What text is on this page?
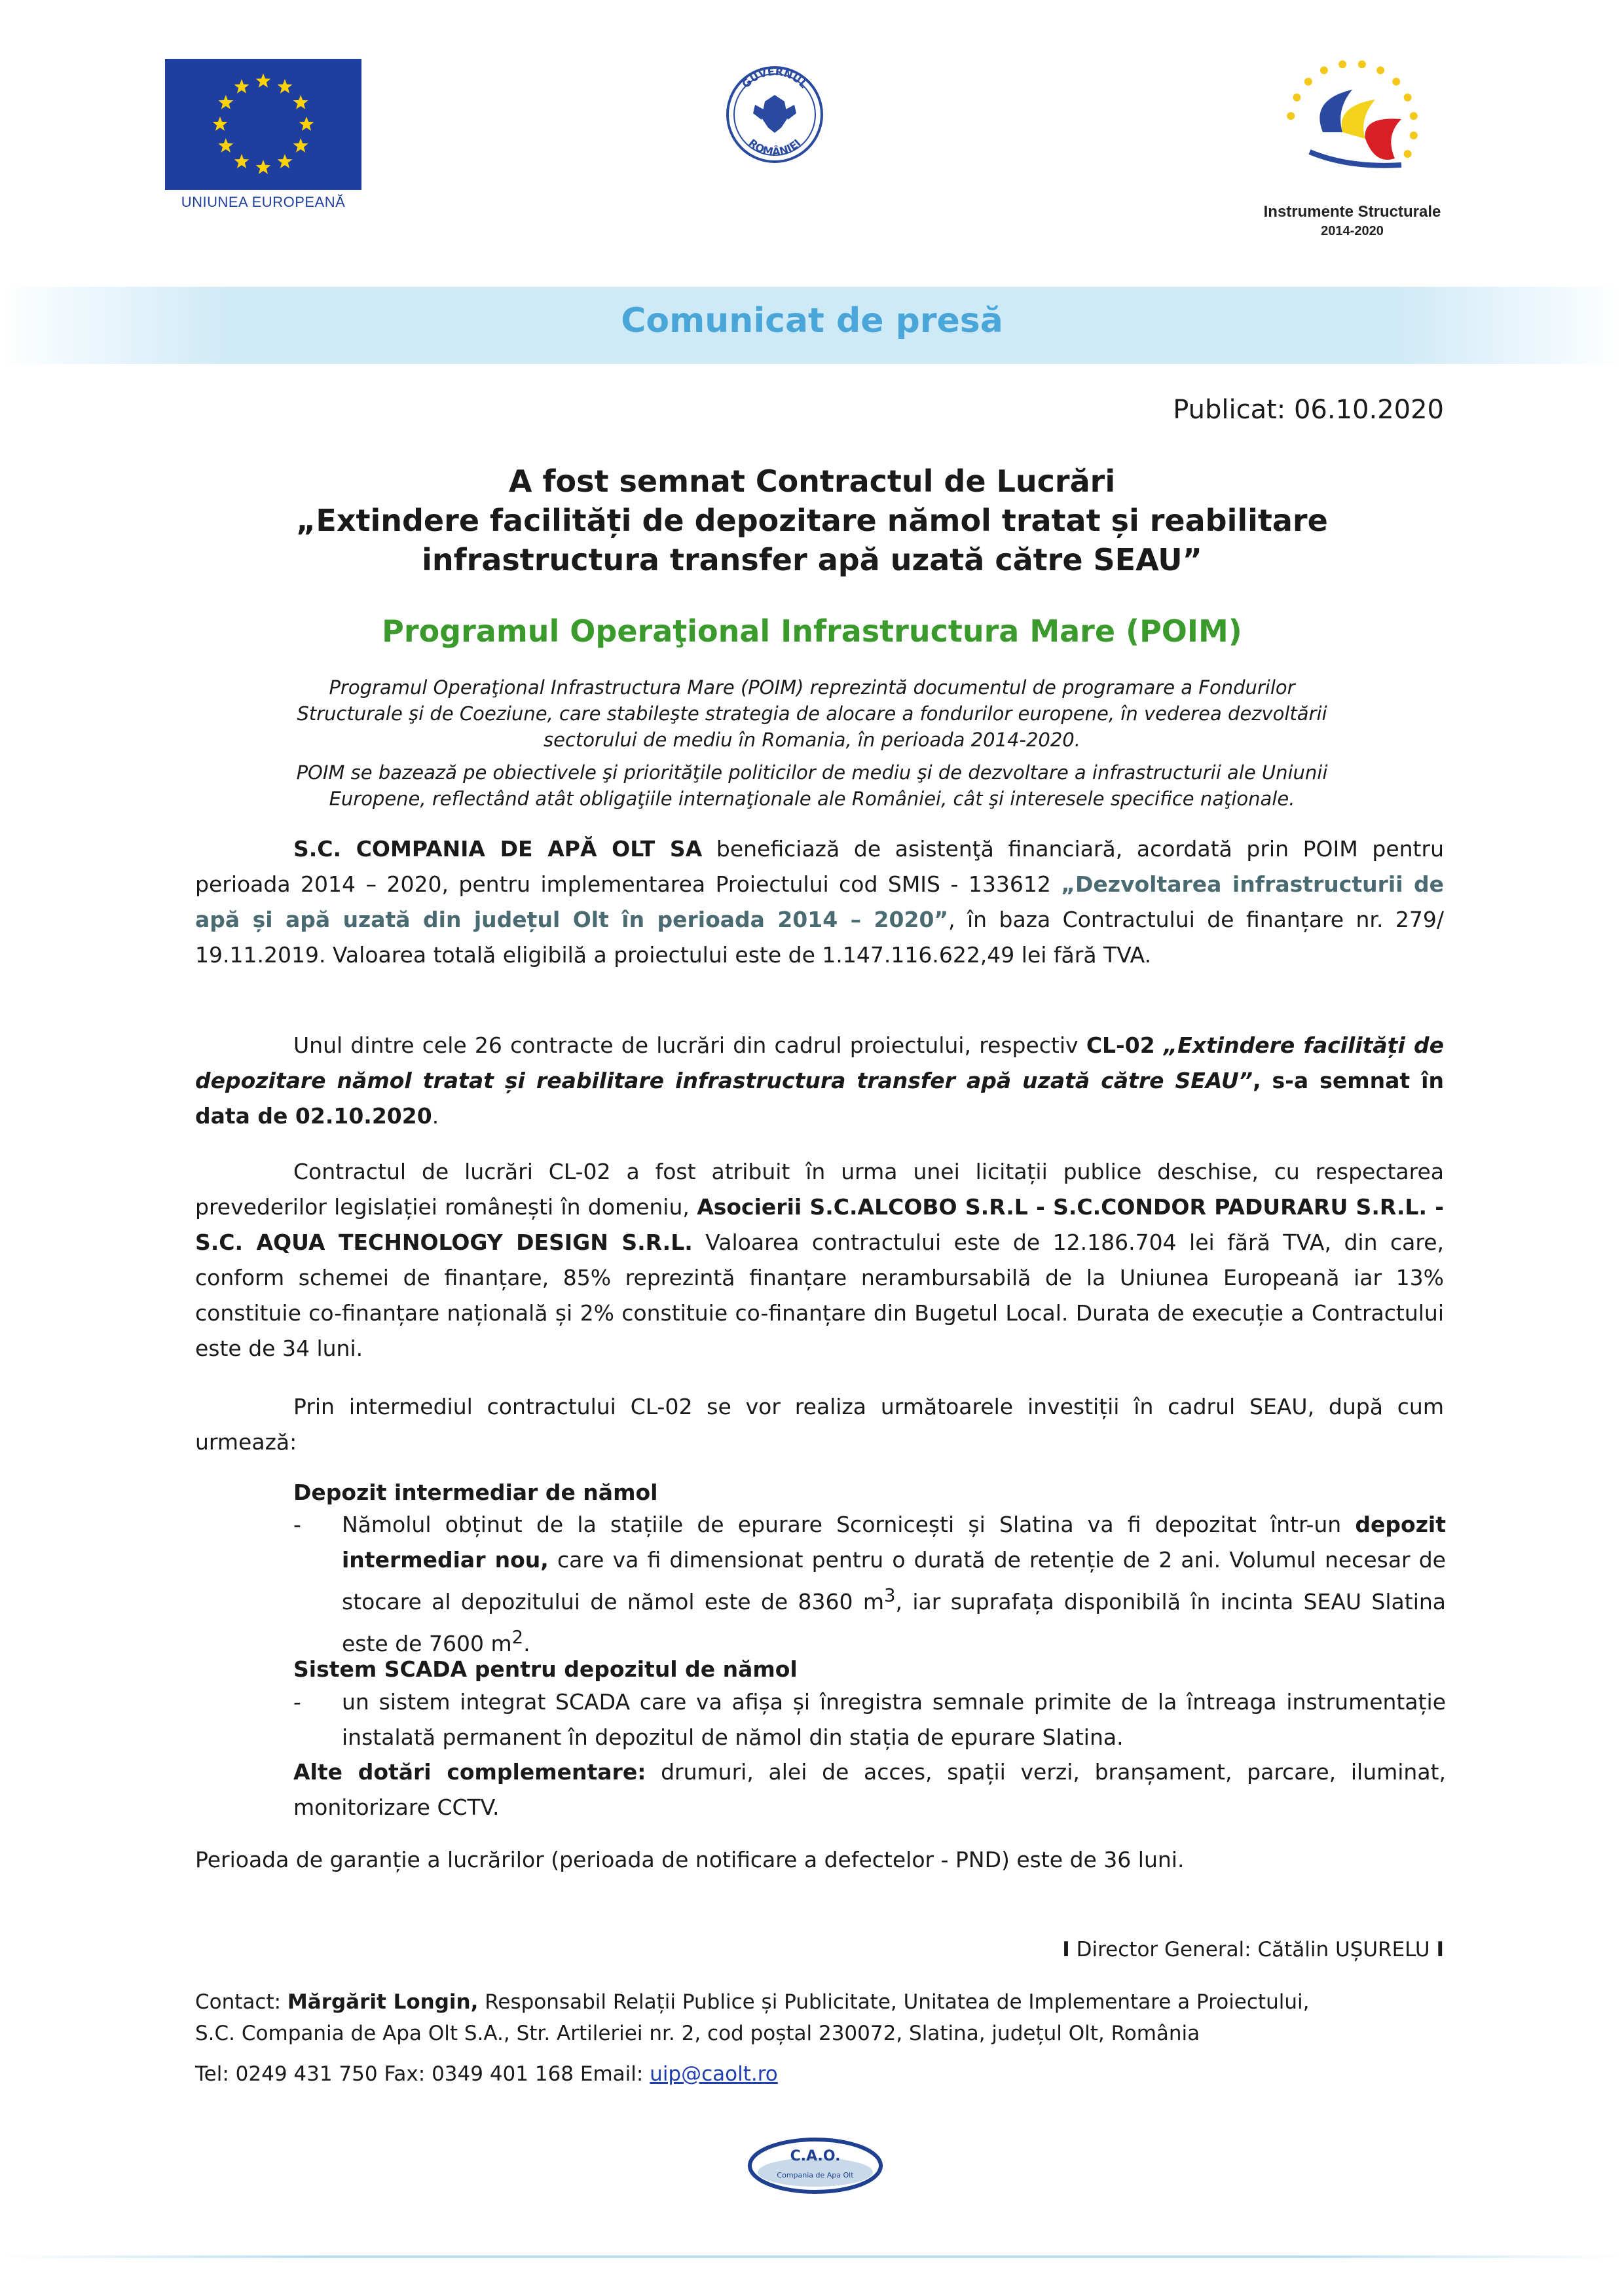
UNIUNEA EUROPEANĂ
GUVERNUL
ROMÂNIEI
Instrumente Structurale
2014-2020
Comunicat de presă
Publicat: 06.10.2020
A fost semnat Contractul de Lucrări
„Extindere facilități de depozitare nămol tratat și reabilitare
infrastructura transfer apă uzată către SEAU”
Programul Operaţional Infrastructura Mare (POIM)
Programul Operaţional Infrastructura Mare (POIM) reprezintă documentul de programare a Fondurilor
Structurale şi de Coeziune, care stabileşte strategia de alocare a fondurilor europene, în vederea dezvoltării
sectorului de mediu în Romania, în perioada 2014-2020.
POIM se bazează pe obiectivele şi priorităţile politicilor de mediu şi de dezvoltare a infrastructurii ale Uniunii
Europene, reflectând atât obligaţiile internaţionale ale României, cât şi interesele specifice naţionale.

S.C. COMPANIA DE APĂ OLT SA beneficiază de asistenţă financiară, acordată prin POIM pentru perioada 2014 – 2020, pentru implementarea Proiectului cod SMIS - 133612 „Dezvoltarea infrastructurii de apă și apă uzată din județul Olt în perioada 2014 – 2020”, în baza Contractului de finanțare nr. 279/ 19.11.2019. Valoarea totală eligibilă a proiectului este de 1.147.116.622,49 lei fără TVA.

Unul dintre cele 26 contracte de lucrări din cadrul proiectului, respectiv CL-02 „Extindere facilități de depozitare nămol tratat și reabilitare infrastructura transfer apă uzată către SEAU”, s-a semnat în data de 02.10.2020.

Contractul de lucrări CL-02 a fost atribuit în urma unei licitații publice deschise, cu respectarea prevederilor legislației românești în domeniu, Asocierii S.C.ALCOBO S.R.L - S.C.CONDOR PADURARU S.R.L. - S.C. AQUA TECHNOLOGY DESIGN S.R.L. Valoarea contractului este de 12.186.704 lei fără TVA, din care, conform schemei de finanțare, 85% reprezintă finanțare nerambursabilă de la Uniunea Europeană iar 13% constituie co-finanțare națională și 2% constituie co-finanțare din Bugetul Local. Durata de execuție a Contractului este de 34 luni.

Prin intermediul contractului CL-02 se vor realiza următoarele investiții în cadrul SEAU, după cum urmează:

Depozit intermediar de nămol
- Nămolul obținut de la stațiile de epurare Scornicești și Slatina va fi depozitat într-un depozit intermediar nou, care va fi dimensionat pentru o durată de retenție de 2 ani. Volumul necesar de stocare al depozitului de nămol este de 8360 $m^3$, iar suprafața disponibilă în incinta SEAU Slatina este de 7600 $m^2$.
Sistem SCADA pentru depozitul de nămol
- un sistem integrat SCADA care va afișa și înregistra semnale primite de la întreaga instrumentație instalată permanent în depozitul de nămol din stația de epurare Slatina.
Alte dotări complementare: drumuri, alei de acces, spații verzi, branșament, parcare, iluminat, monitorizare CCTV.
Perioada de garanție a lucrărilor (perioada de notificare a defectelor - PND) este de 36 luni.
I Director General: Cătălin UȘURELU I
Contact: Mărgărit Longin, Responsabil Relații Publice și Publicitate, Unitatea de Implementare a Proiectului,
S.C. Compania de Apa Olt S.A., Str. Artileriei nr. 2, cod poștal 230072, Slatina, județul Olt, România
Tel: 0249 431 750 Fax: 0349 401 168 Email: uip@caolt.ro
C.A.O.
Compania de Apa Olt
